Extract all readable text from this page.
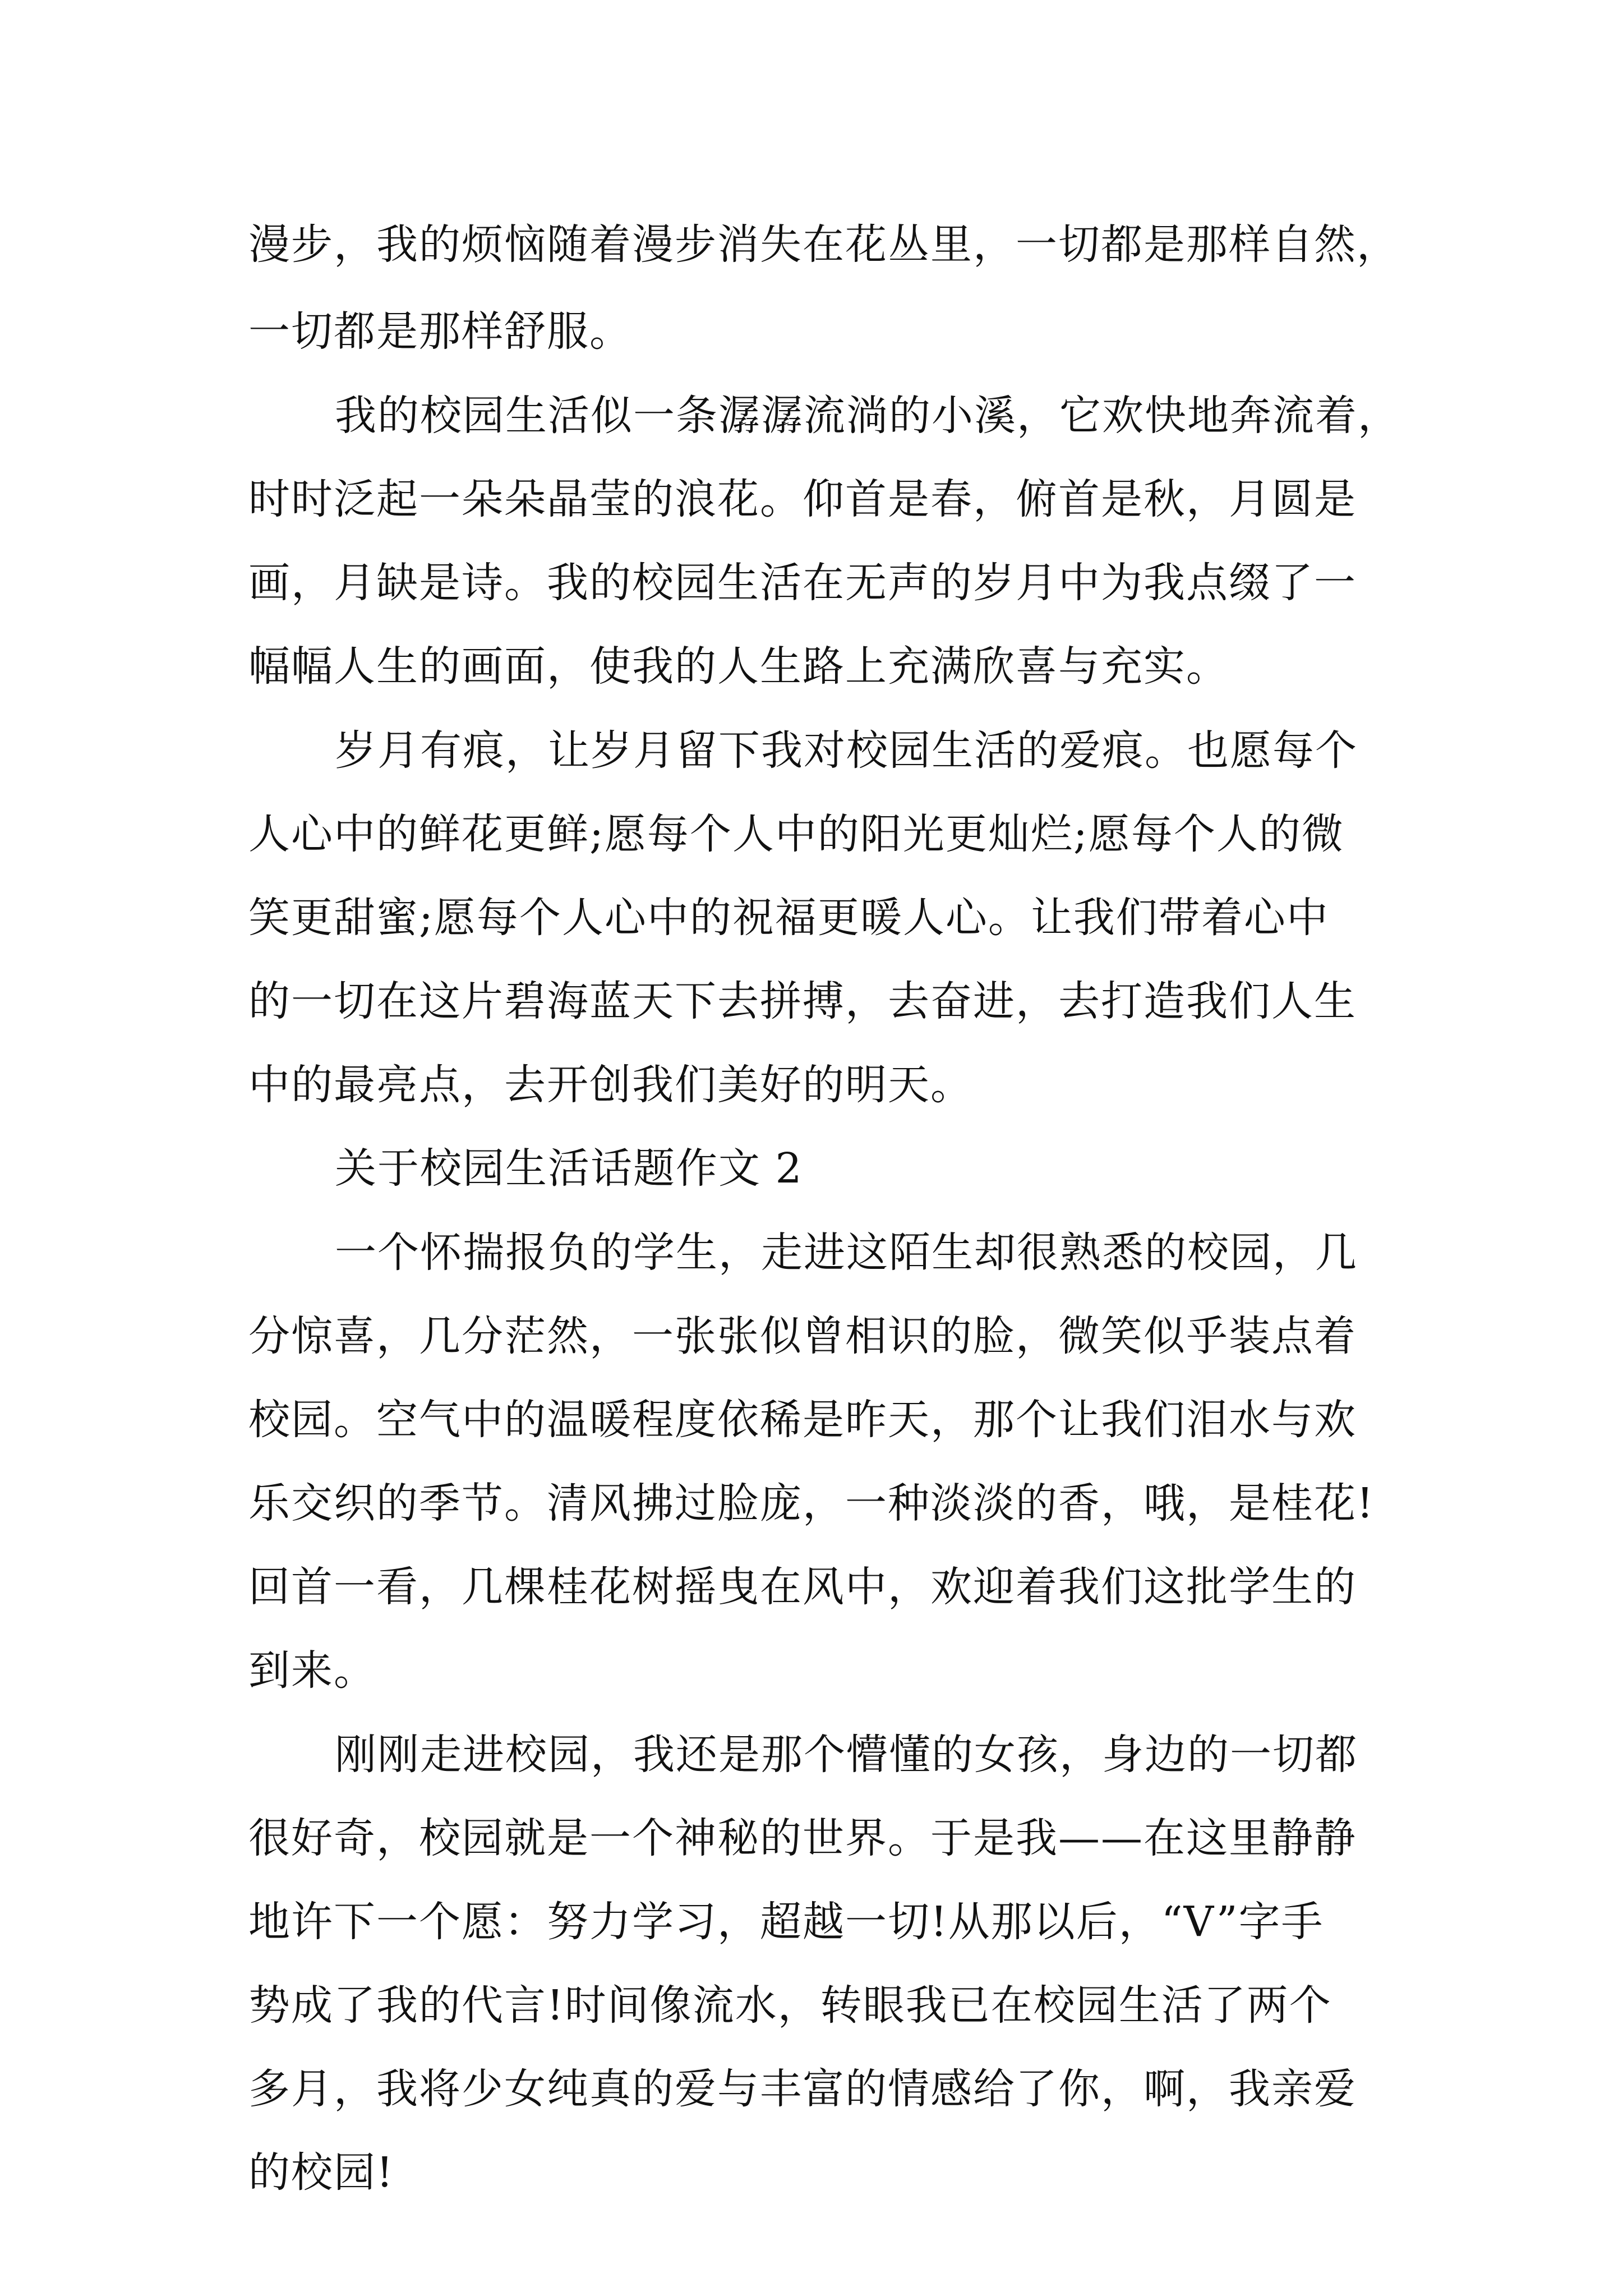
漫步，我的烦恼随着漫步消失在花丛里，一切都是那样自然，
一切都是那样舒服。
我的校园生活似一条潺潺流淌的小溪，它欢快地奔流着，
时时泛起一朵朵晶莹的浪花。仰首是春，俯首是秋，月圆是
画，月缺是诗。我的校园生活在无声的岁月中为我点缀了一
幅幅人生的画面，使我的人生路上充满欣喜与充实。
岁月有痕，让岁月留下我对校园生活的爱痕。也愿每个
人心中的鲜花更鲜;愿每个人中的阳光更灿烂;愿每个人的微
笑更甜蜜;愿每个人心中的祝福更暖人心。让我们带着心中
的一切在这片碧海蓝天下去拼搏，去奋进，去打造我们人生
中的最亮点，去开创我们美好的明天。
关于校园生活话题作文 2
一个怀揣报负的学生，走进这陌生却很熟悉的校园，几
分惊喜，几分茫然，一张张似曾相识的脸，微笑似乎装点着
校园。空气中的温暖程度依稀是昨天，那个让我们泪水与欢
乐交织的季节。清风拂过脸庞，一种淡淡的香，哦，是桂花!
回首一看，几棵桂花树摇曳在风中，欢迎着我们这批学生的
到来。
刚刚走进校园，我还是那个懵懂的女孩，身边的一切都
很好奇，校园就是一个神秘的世界。于是我——在这里静静
地许下一个愿：努力学习，超越一切!从那以后，“V”字手
势成了我的代言!时间像流水，转眼我已在校园生活了两个
多月，我将少女纯真的爱与丰富的情感给了你，啊，我亲爱
的校园!
